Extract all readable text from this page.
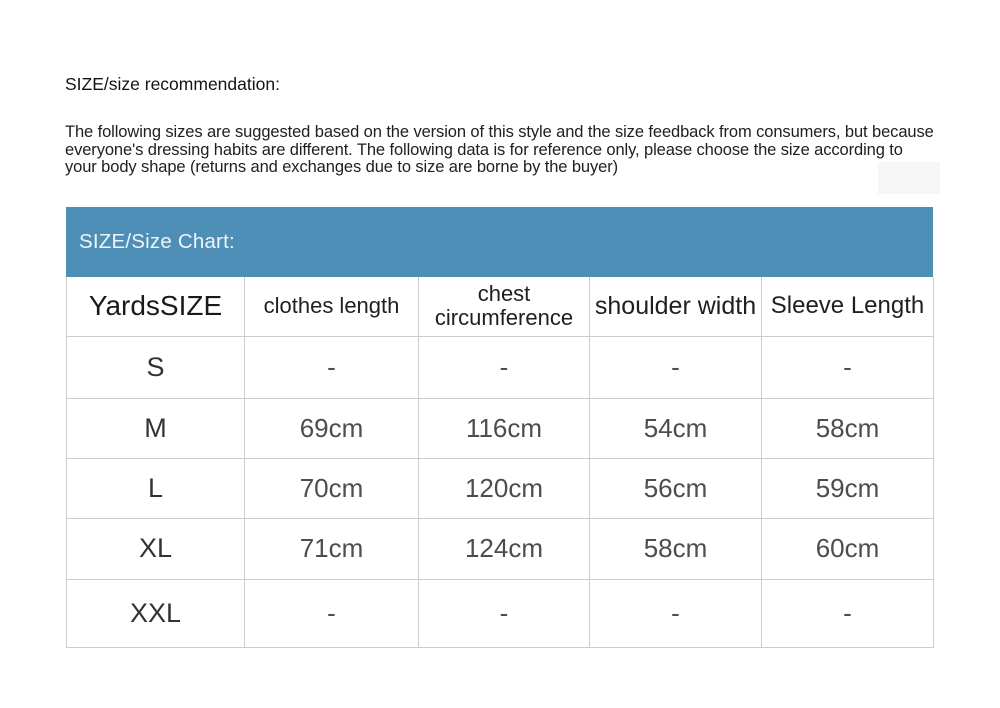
SIZE/size recommendation:
The following sizes are suggested based on the version of this style and the size feedback from consumers, but because everyone's dressing habits are different. The following data is for reference only, please choose the size according to your body shape (returns and exchanges due to size are borne by the buyer)
SIZE/Size Chart:
YardsSIZE	clothes length	chest circumference	shoulder width	Sleeve Length
S	-	-	-	-
M	69cm	116cm	54cm	58cm
L	70cm	120cm	56cm	59cm
XL	71cm	124cm	58cm	60cm
XXL	-	-	-	-
